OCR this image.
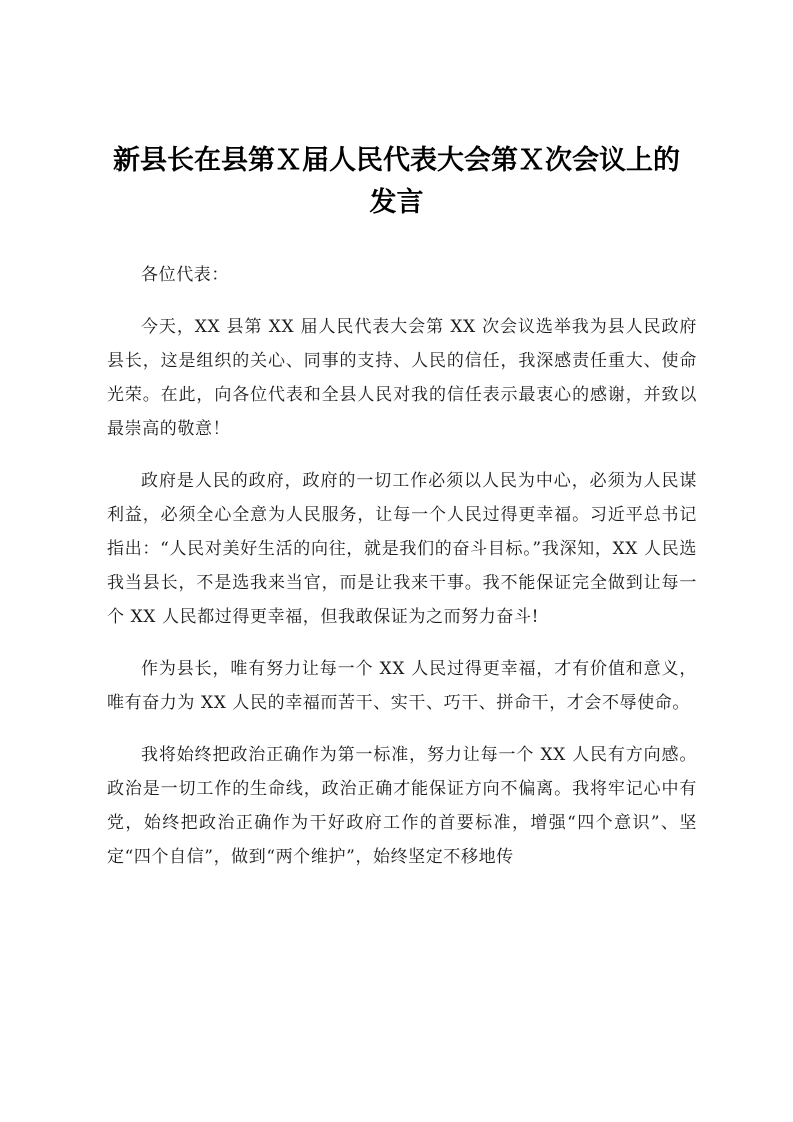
新县长在县第Ｘ届人民代表大会第Ｘ次会议上的发言

各位代表：

今天，XX 县第 XX 届人民代表大会第 XX 次会议选举我为县人民政府县长，这是组织的关心、同事的支持、人民的信任，我深感责任重大、使命光荣。在此，向各位代表和全县人民对我的信任表示最衷心的感谢，并致以最崇高的敬意！

政府是人民的政府，政府的一切工作必须以人民为中心，必须为人民谋利益，必须全心全意为人民服务，让每一个人民过得更幸福。习近平总书记指出：“人民对美好生活的向往，就是我们的奋斗目标。”我深知，XX 人民选我当县长，不是选我来当官，而是让我来干事。我不能保证完全做到让每一个 XX 人民都过得更幸福，但我敢保证为之而努力奋斗!

作为县长，唯有努力让每一个 XX 人民过得更幸福，才有价值和意义，唯有奋力为 XX 人民的幸福而苦干、实干、巧干、拼命干，才会不辱使命。

我将始终把政治正确作为第一标准，努力让每一个 XX 人民有方向感。政治是一切工作的生命线，政治正确才能保证方向不偏离。我将牢记心中有党，始终把政治正确作为干好政府工作的首要标准，增强“四个意识”、坚定“四个自信”，做到“两个维护”，始终坚定不移地传
